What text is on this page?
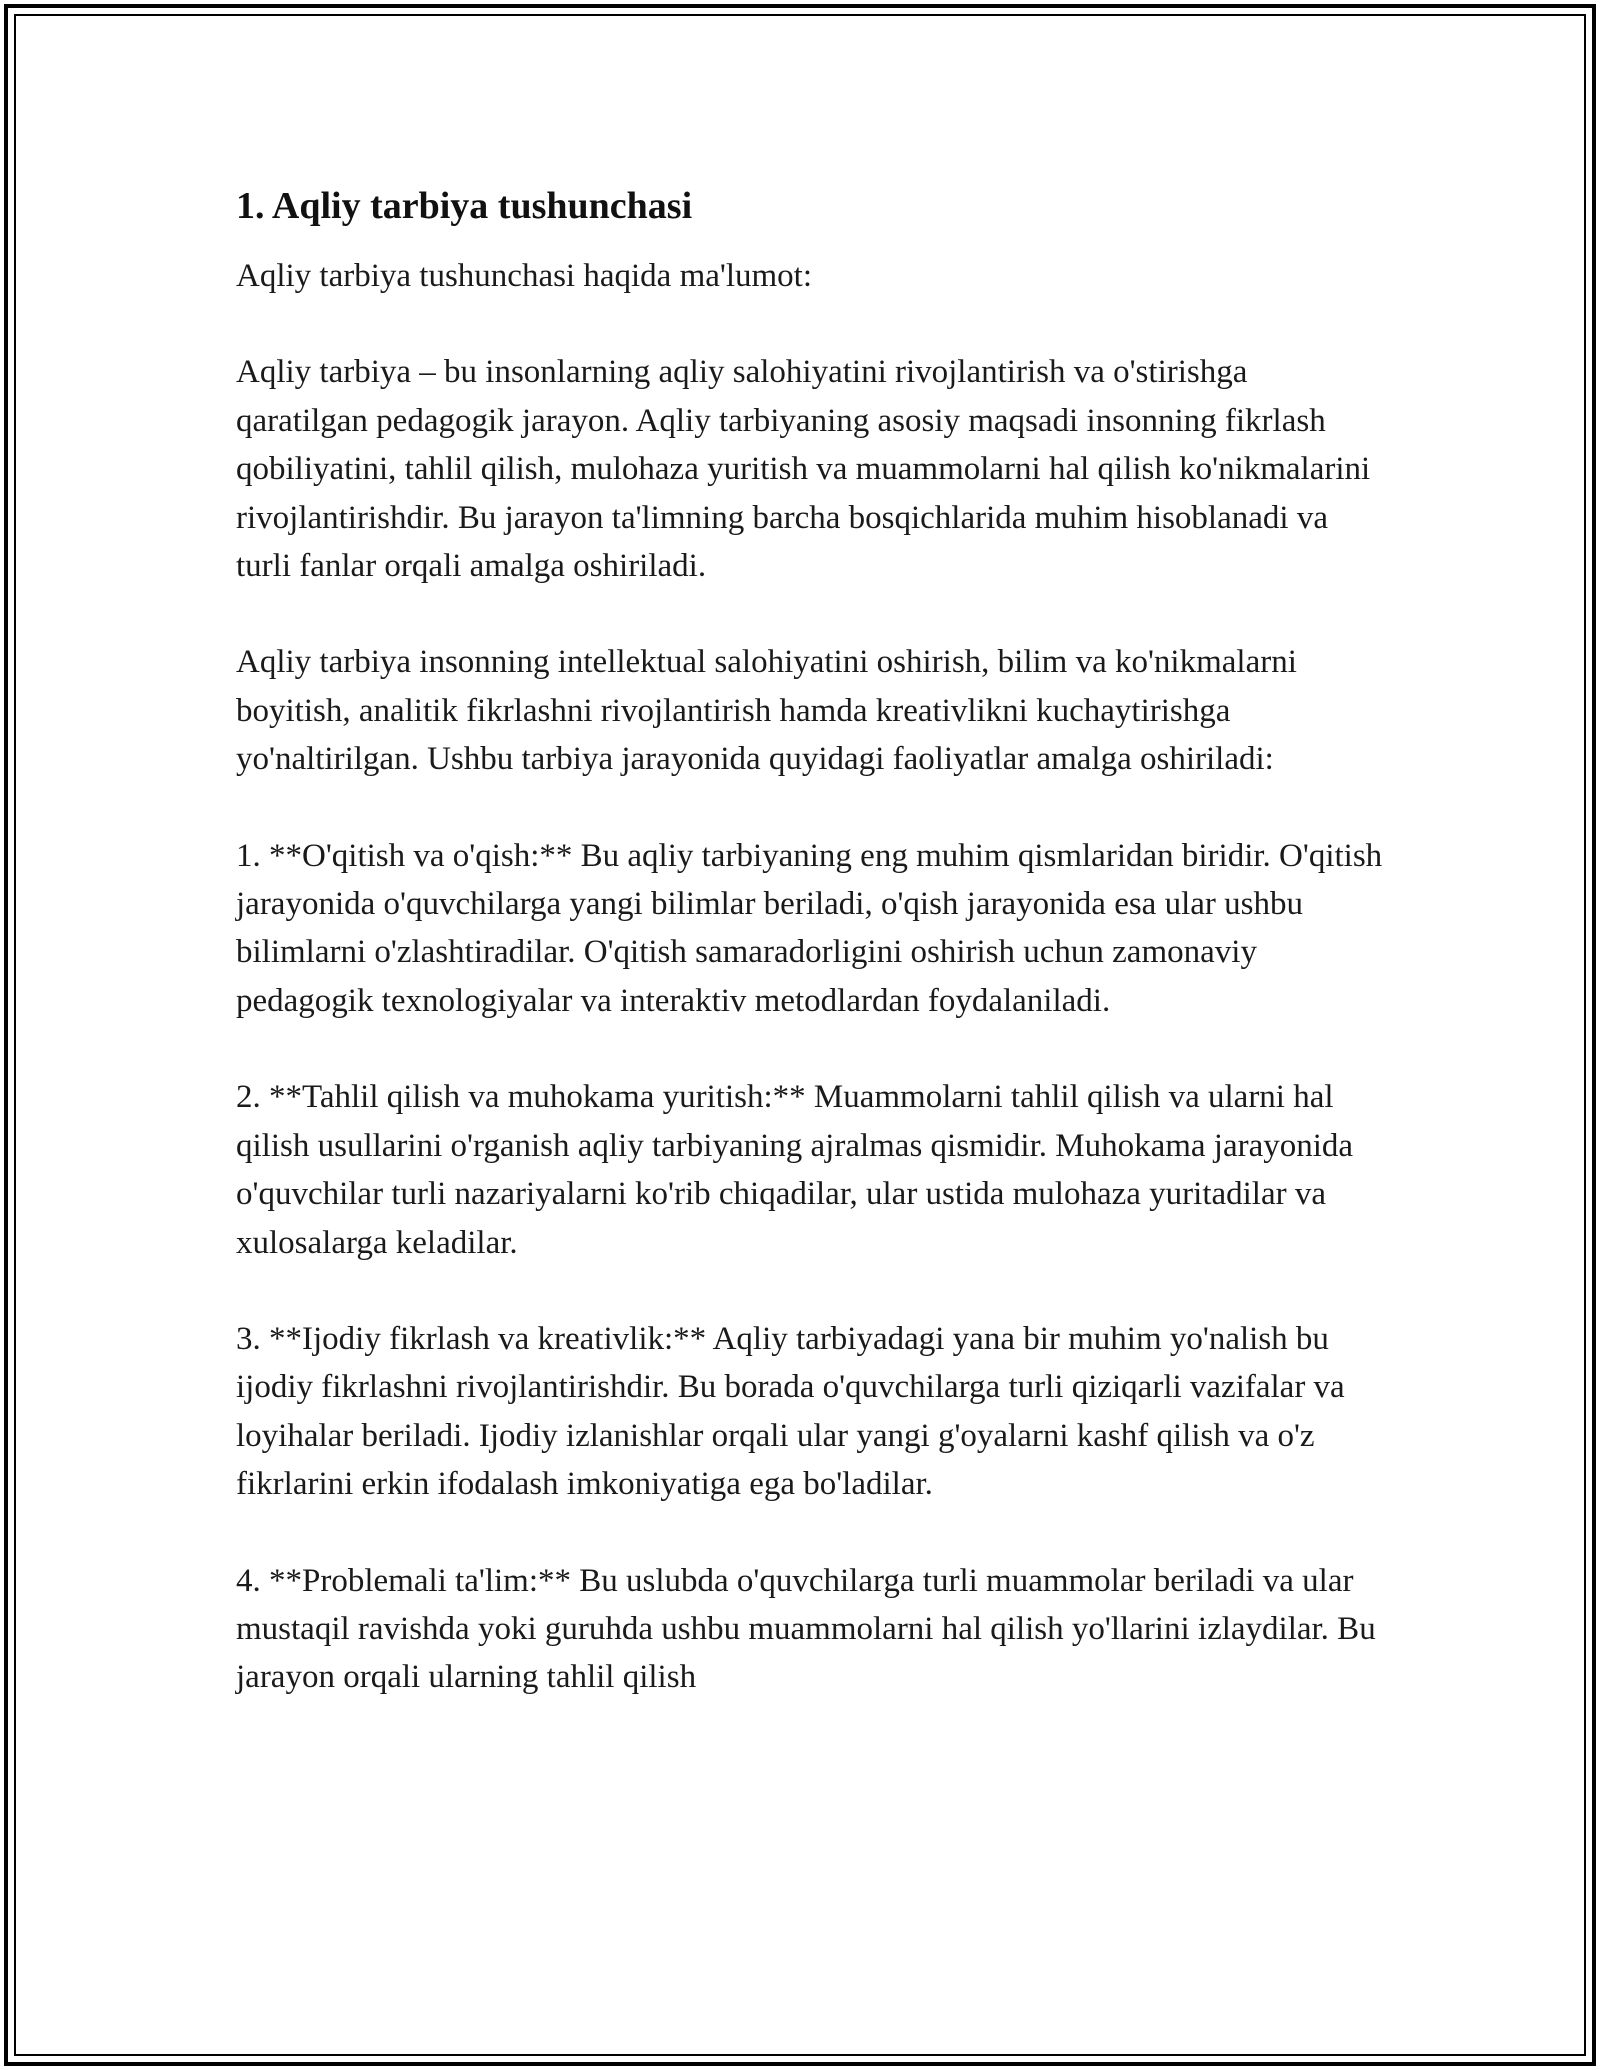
1. Aqliy tarbiya tushunchasi

Aqliy tarbiya tushunchasi haqida ma'lumot:

Aqliy tarbiya – bu insonlarning aqliy salohiyatini rivojlantirish va o'stirishga qaratilgan pedagogik jarayon. Aqliy tarbiyaning asosiy maqsadi insonning fikrlash qobiliyatini, tahlil qilish, mulohaza yuritish va muammolarni hal qilish ko'nikmalarini rivojlantirishdir. Bu jarayon ta'limning barcha bosqichlarida muhim hisoblanadi va turli fanlar orqali amalga oshiriladi.

Aqliy tarbiya insonning intellektual salohiyatini oshirish, bilim va ko'nikmalarni boyitish, analitik fikrlashni rivojlantirish hamda kreativlikni kuchaytirishga yo'naltirilgan. Ushbu tarbiya jarayonida quyidagi faoliyatlar amalga oshiriladi:

1. **O'qitish va o'qish:** Bu aqliy tarbiyaning eng muhim qismlaridan biridir. O'qitish jarayonida o'quvchilarga yangi bilimlar beriladi, o'qish jarayonida esa ular ushbu bilimlarni o'zlashtiradilar. O'qitish samaradorligini oshirish uchun zamonaviy pedagogik texnologiyalar va interaktiv metodlardan foydalaniladi.

2. **Tahlil qilish va muhokama yuritish:** Muammolarni tahlil qilish va ularni hal qilish usullarini o'rganish aqliy tarbiyaning ajralmas qismidir. Muhokama jarayonida o'quvchilar turli nazariyalarni ko'rib chiqadilar, ular ustida mulohaza yuritadilar va xulosalarga keladilar.

3. **Ijodiy fikrlash va kreativlik:** Aqliy tarbiyadagi yana bir muhim yo'nalish bu ijodiy fikrlashni rivojlantirishdir. Bu borada o'quvchilarga turli qiziqarli vazifalar va loyihalar beriladi. Ijodiy izlanishlar orqali ular yangi g'oyalarni kashf qilish va o'z fikrlarini erkin ifodalash imkoniyatiga ega bo'ladilar.

4. **Problemali ta'lim:** Bu uslubda o'quvchilarga turli muammolar beriladi va ular mustaqil ravishda yoki guruhda ushbu muammolarni hal qilish yo'llarini izlaydilar. Bu jarayon orqali ularning tahlil qilish
